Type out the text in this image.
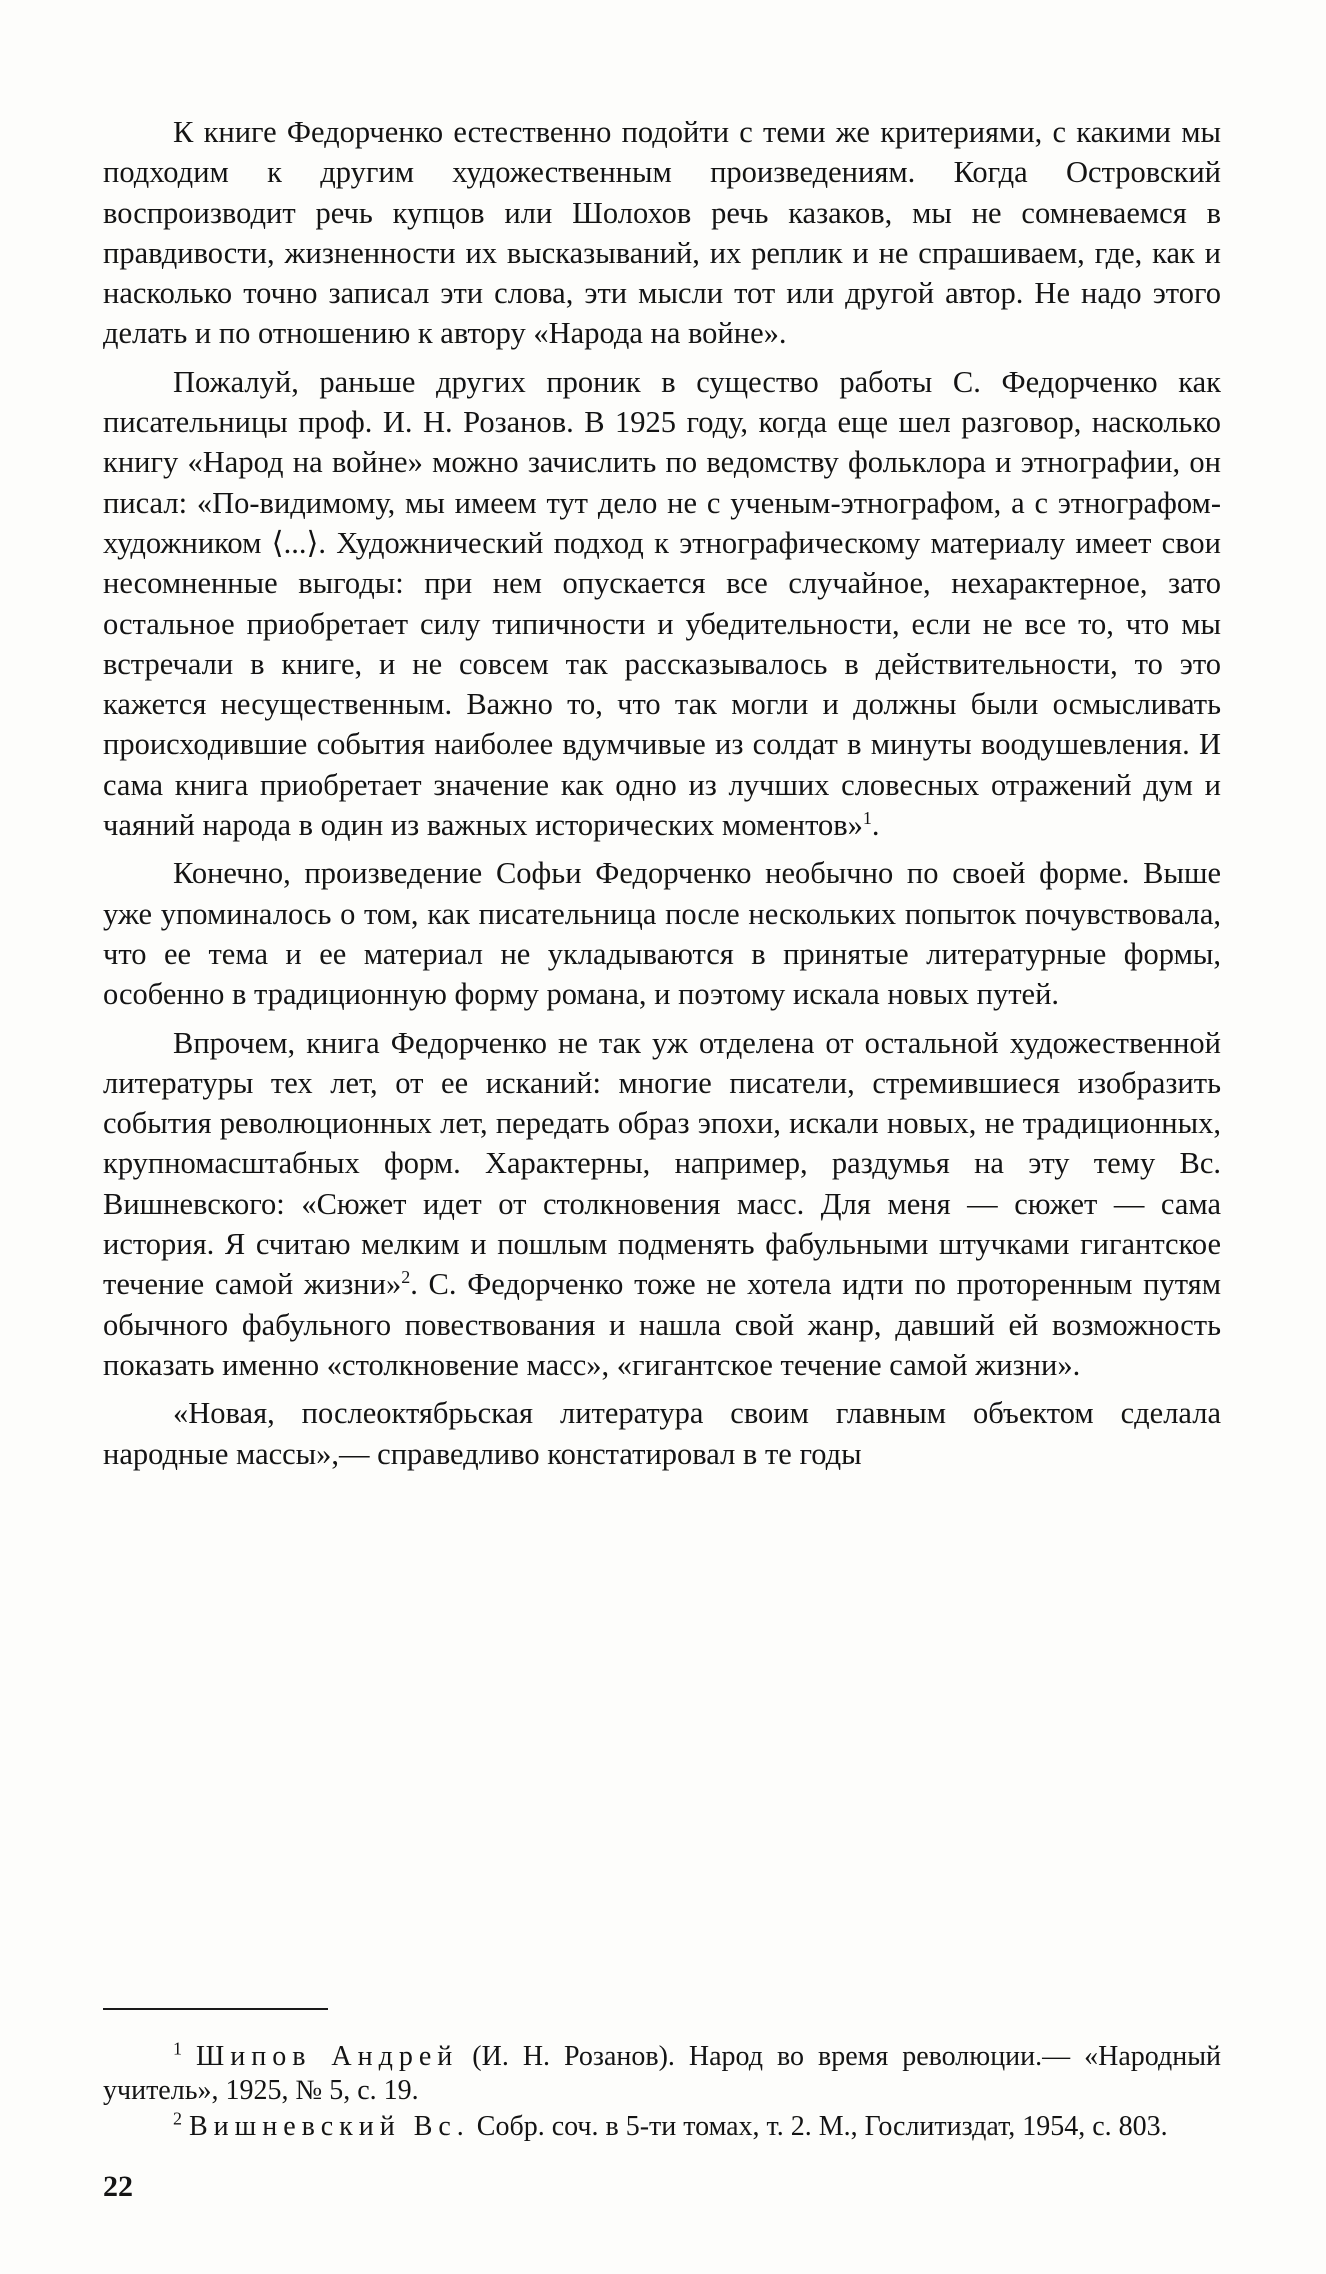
К книге Федорченко естественно подойти с теми же критериями, с какими мы подходим к другим художественным произведениям. Когда Островский воспроизводит речь купцов или Шолохов речь казаков, мы не сомневаемся в правдивости, жизненности их высказываний, их реплик и не спрашиваем, где, как и насколько точно записал эти слова, эти мысли тот или другой автор. Не надо этого делать и по отношению к автору «Народа на войне».

Пожалуй, раньше других проник в существо работы С. Федорченко как писательницы проф. И. Н. Розанов. В 1925 году, когда еще шел разговор, насколько книгу «Народ на войне» можно зачислить по ведомству фольклора и этнографии, он писал: «По-видимому, мы имеем тут дело не с ученым-этнографом, а с этнографом-художником ⟨...⟩. Художнический подход к этнографическому материалу имеет свои несомненные выгоды: при нем опускается все случайное, нехарактерное, зато остальное приобретает силу типичности и убедительности, если не все то, что мы встречали в книге, и не совсем так рассказывалось в действительности, то это кажется несущественным. Важно то, что так могли и должны были осмысливать происходившие события наиболее вдумчивые из солдат в минуты воодушевления. И сама книга приобретает значение как одно из лучших словесных отражений дум и чаяний народа в один из важных исторических моментов»$^1$.

Конечно, произведение Софьи Федорченко необычно по своей форме. Выше уже упоминалось о том, как писательница после нескольких попыток почувствовала, что ее тема и ее материал не укладываются в принятые литературные формы, особенно в традиционную форму романа, и поэтому искала новых путей.

Впрочем, книга Федорченко не так уж отделена от остальной художественной литературы тех лет, от ее исканий: многие писатели, стремившиеся изобразить события революционных лет, передать образ эпохи, искали новых, не традиционных, крупномасштабных форм. Характерны, например, раздумья на эту тему Вс. Вишневского: «Сюжет идет от столкновения масс. Для меня — сюжет — сама история. Я считаю мелким и пошлым подменять фабульными штучками гигантское течение самой жизни»$^2$. С. Федорченко тоже не хотела идти по проторенным путям обычного фабульного повествования и нашла свой жанр, давший ей возможность показать именно «столкновение масс», «гигантское течение самой жизни».

«Новая, послеоктябрьская литература своим главным объектом сделала народные массы»,— справедливо констатировал в те годы

$^1$ Шипов Андрей (И. Н. Розанов). Народ во время революции.— «Народный учитель», 1925, № 5, с. 19.

$^2$ Вишневский Вс. Собр. соч. в 5-ти томах, т. 2. М., Гослитиздат, 1954, с. 803.

22
